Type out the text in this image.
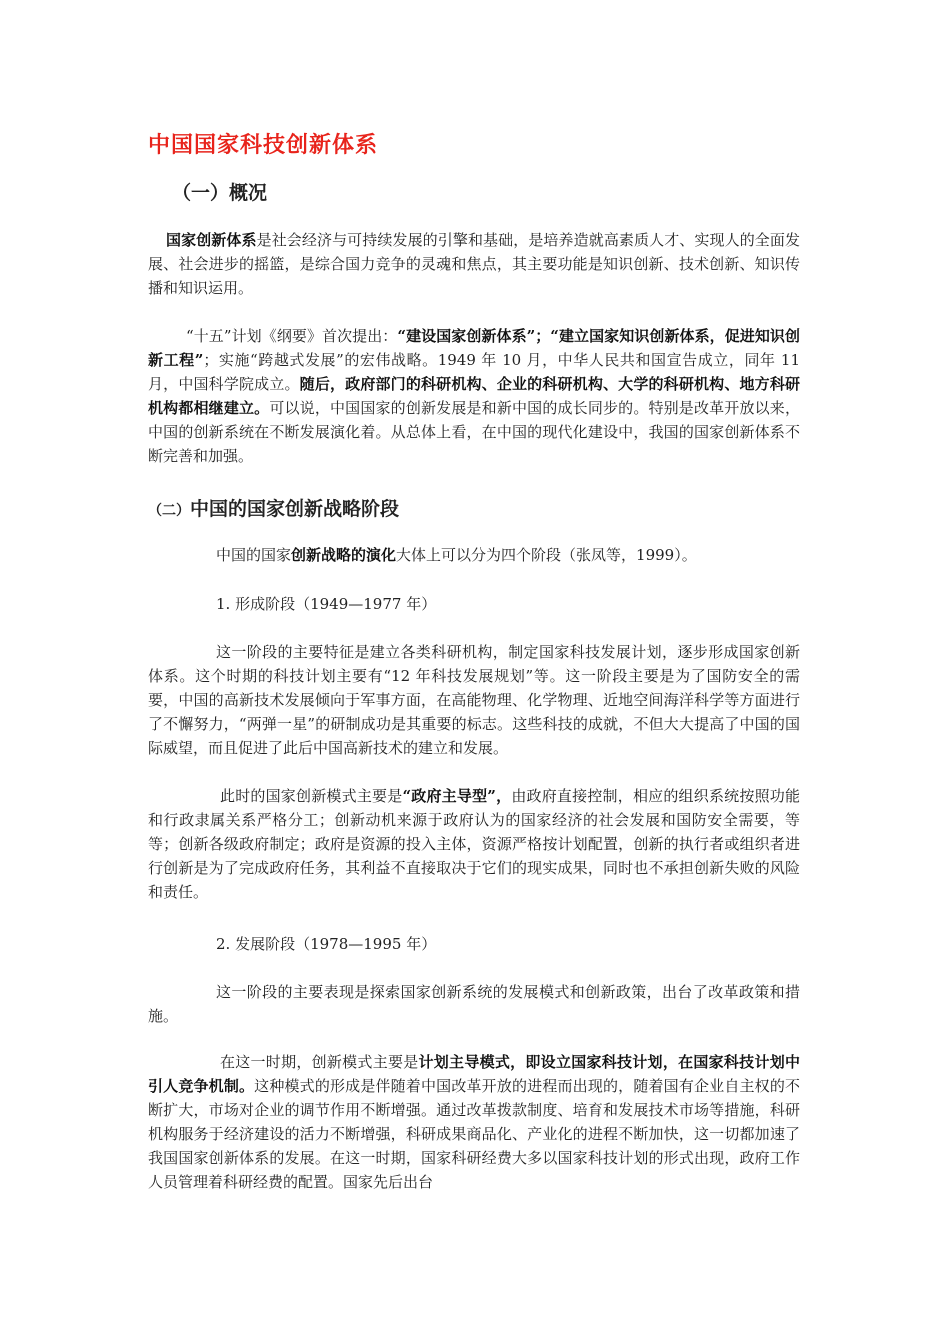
中国国家科技创新体系
（一）概况

国家创新体系是社会经济与可持续发展的引擎和基础，是培养造就高素质人才、实现人的全面发展、社会进步的摇篮，是综合国力竞争的灵魂和焦点，其主要功能是知识创新、技术创新、知识传播和知识运用。

“十五”计划《纲要》首次提出：“建设国家创新体系”；“建立国家知识创新体系，促进知识创新工程”；实施“跨越式发展”的宏伟战略。1949 年 10 月，中华人民共和国宣告成立，同年 11 月，中国科学院成立。随后，政府部门的科研机构、企业的科研机构、大学的科研机构、地方科研机构都相继建立。可以说，中国国家的创新发展是和新中国的成长同步的。特别是改革开放以来，中国的创新系统在不断发展演化着。从总体上看，在中国的现代化建设中，我国的国家创新体系不断完善和加强。

（二）中国的国家创新战略阶段

中国的国家创新战略的演化大体上可以分为四个阶段（张凤等，1999）。

1. 形成阶段（1949—1977 年）

这一阶段的主要特征是建立各类科研机构，制定国家科技发展计划，逐步形成国家创新体系。这个时期的科技计划主要有“12 年科技发展规划”等。这一阶段主要是为了国防安全的需要，中国的高新技术发展倾向于军事方面，在高能物理、化学物理、近地空间海洋科学等方面进行了不懈努力，“两弹一星”的研制成功是其重要的标志。这些科技的成就，不但大大提高了中国的国际威望，而且促进了此后中国高新技术的建立和发展。

此时的国家创新模式主要是“政府主导型”，由政府直接控制，相应的组织系统按照功能和行政隶属关系严格分工；创新动机来源于政府认为的国家经济的社会发展和国防安全需要，等等；创新各级政府制定；政府是资源的投入主体，资源严格按计划配置，创新的执行者或组织者进行创新是为了完成政府任务，其利益不直接取决于它们的现实成果，同时也不承担创新失败的风险和责任。

2. 发展阶段（1978—1995 年）

这一阶段的主要表现是探索国家创新系统的发展模式和创新政策，出台了改革政策和措施。

在这一时期，创新模式主要是计划主导模式，即设立国家科技计划，在国家科技计划中引人竞争机制。这种模式的形成是伴随着中国改革开放的进程而出现的，随着国有企业自主权的不断扩大，市场对企业的调节作用不断增强。通过改革拨款制度、培育和发展技术市场等措施，科研机构服务于经济建设的活力不断增强，科研成果商品化、产业化的进程不断加快，这一切都加速了我国国家创新体系的发展。在这一时期，国家科研经费大多以国家科技计划的形式出现，政府工作人员管理着科研经费的配置。国家先后出台
